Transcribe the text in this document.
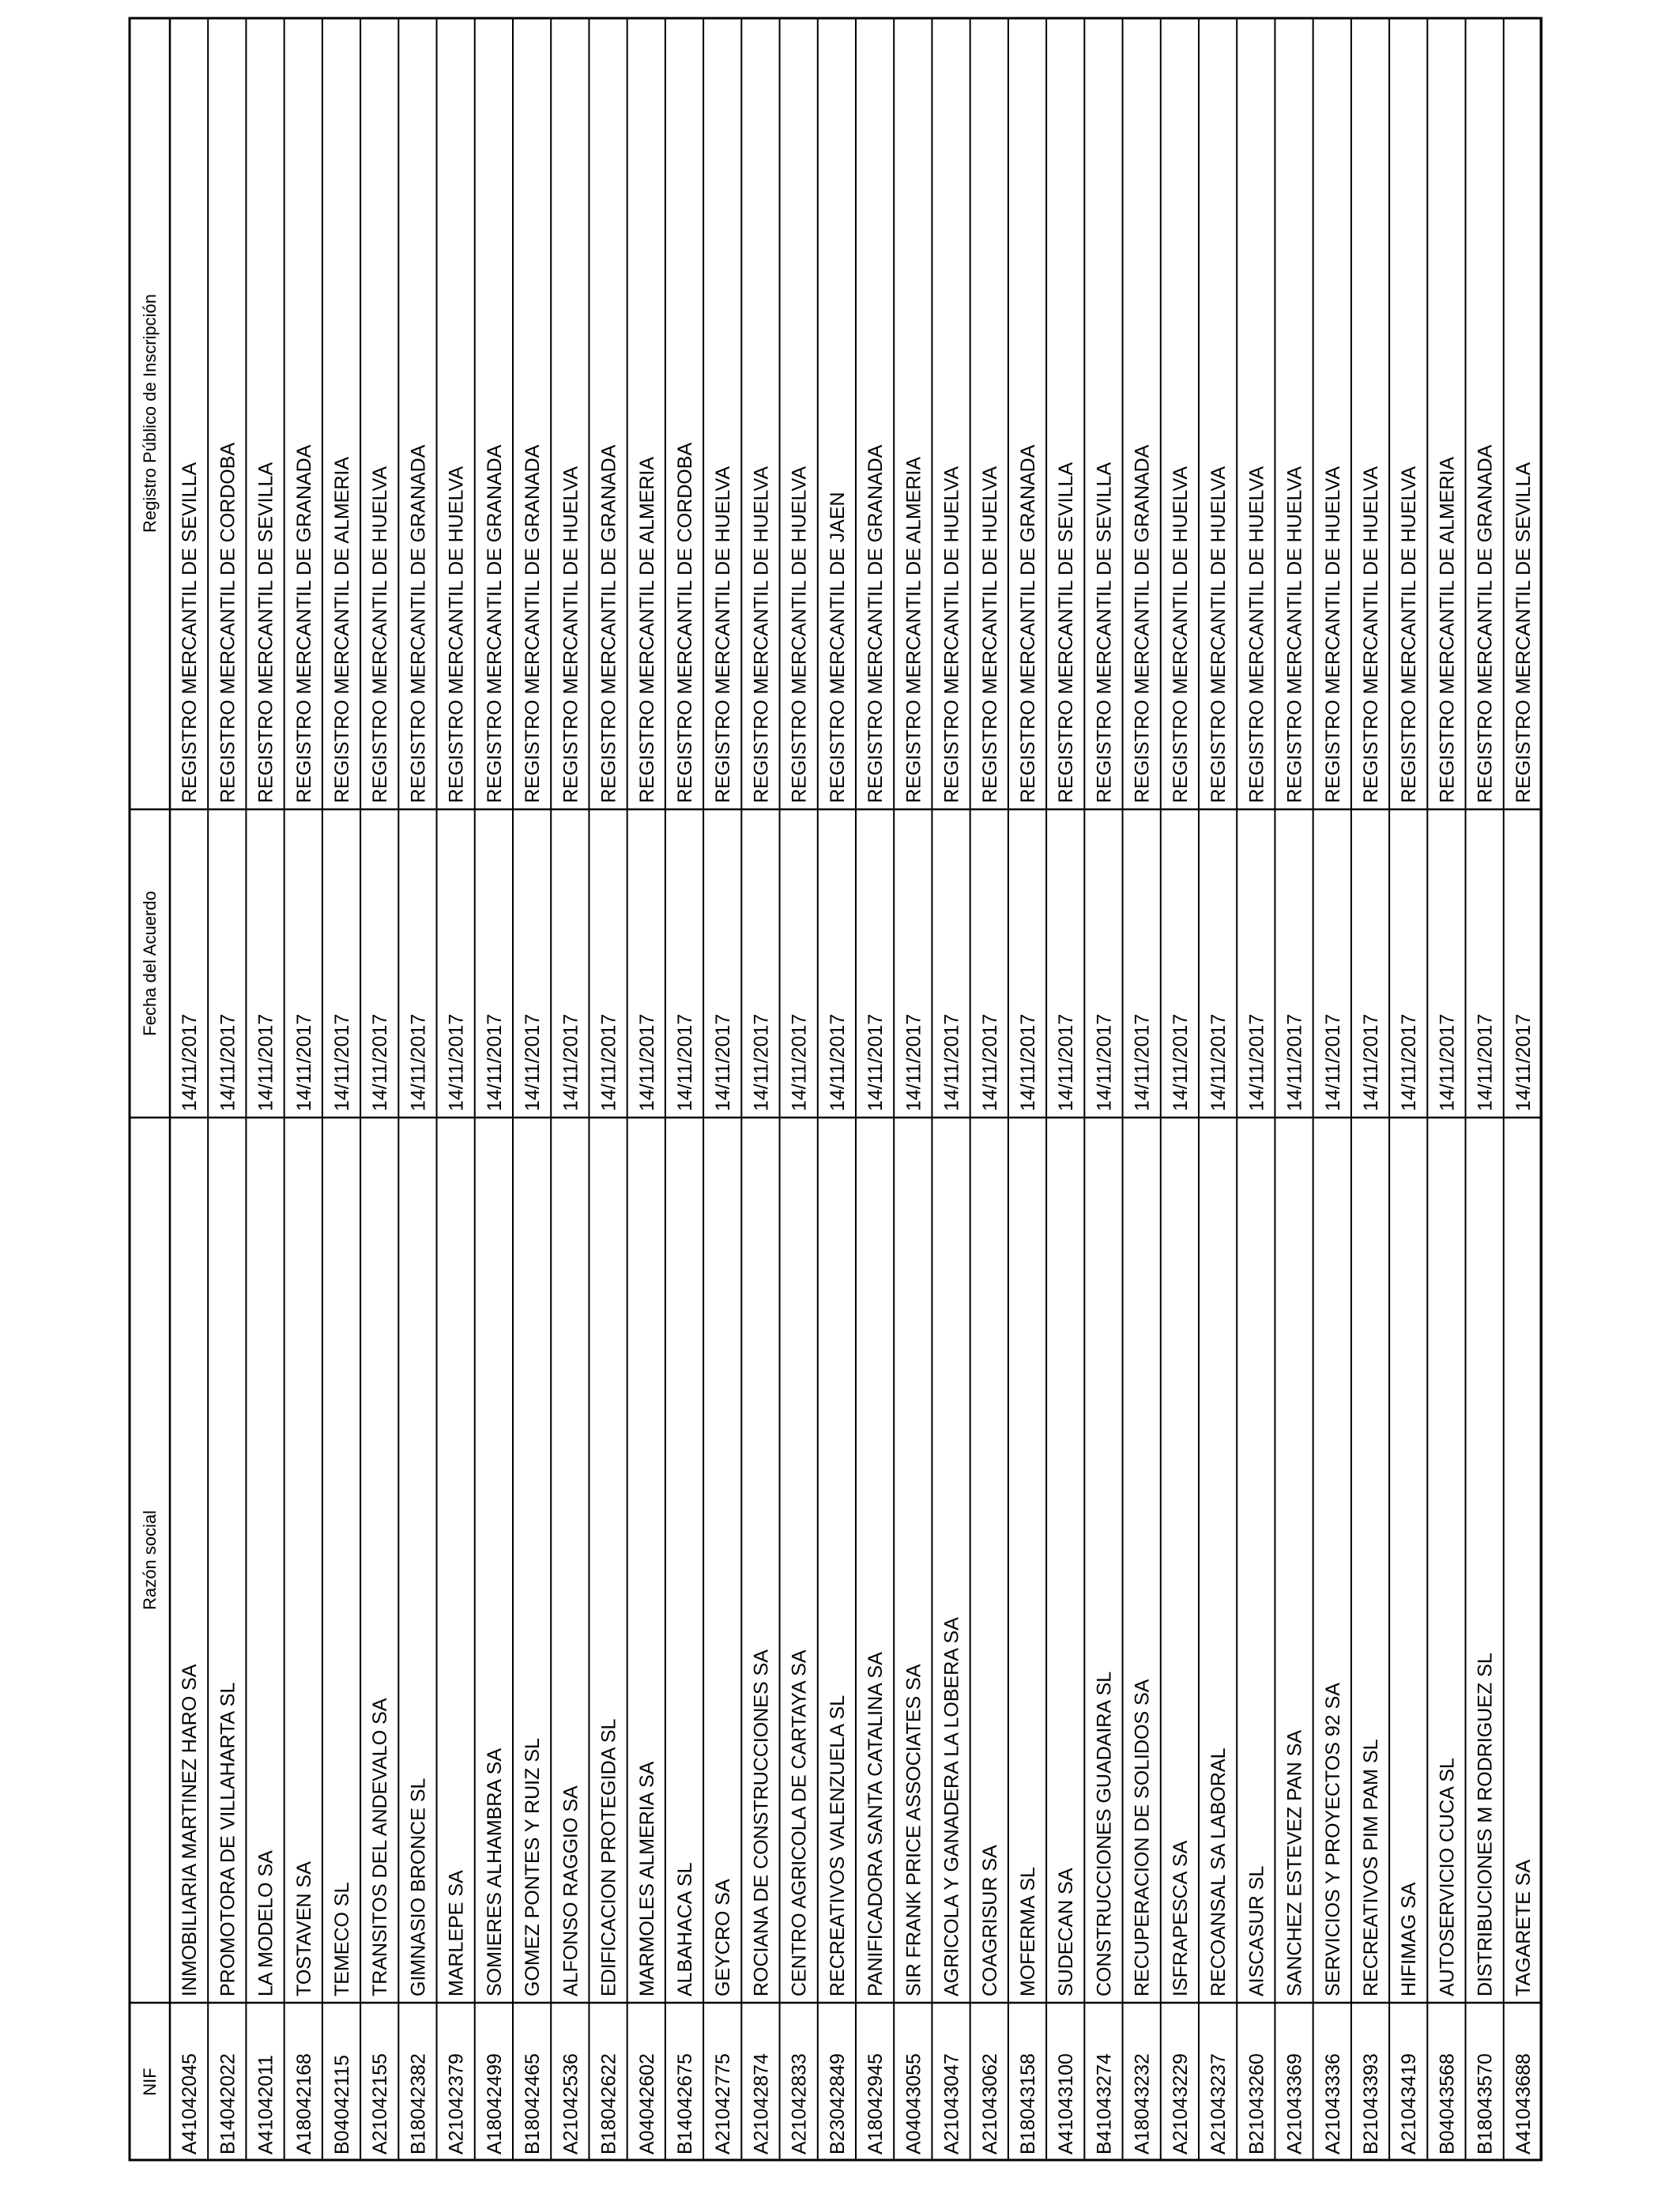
NIF
Razón social
Fecha del Acuerdo
Registro Público de Inscripción
A41042045
INMOBILIARIA MARTINEZ HARO SA
14/11/2017
REGISTRO MERCANTIL DE SEVILLA
B14042022
PROMOTORA DE VILLAHARTA SL
14/11/2017
REGISTRO MERCANTIL DE CORDOBA
A41042011
LA MODELO SA
14/11/2017
REGISTRO MERCANTIL DE SEVILLA
A18042168
TOSTAVEN SA
14/11/2017
REGISTRO MERCANTIL DE GRANADA
B04042115
TEMECO SL
14/11/2017
REGISTRO MERCANTIL DE ALMERIA
A21042155
TRANSITOS DEL ANDEVALO SA
14/11/2017
REGISTRO MERCANTIL DE HUELVA
B18042382
GIMNASIO BRONCE SL
14/11/2017
REGISTRO MERCANTIL DE GRANADA
A21042379
MARLEPE SA
14/11/2017
REGISTRO MERCANTIL DE HUELVA
A18042499
SOMIERES ALHAMBRA SA
14/11/2017
REGISTRO MERCANTIL DE GRANADA
B18042465
GOMEZ PONTES Y RUIZ SL
14/11/2017
REGISTRO MERCANTIL DE GRANADA
A21042536
ALFONSO RAGGIO SA
14/11/2017
REGISTRO MERCANTIL DE HUELVA
B18042622
EDIFICACION PROTEGIDA SL
14/11/2017
REGISTRO MERCANTIL DE GRANADA
A04042602
MARMOLES ALMERIA SA
14/11/2017
REGISTRO MERCANTIL DE ALMERIA
B14042675
ALBAHACA SL
14/11/2017
REGISTRO MERCANTIL DE CORDOBA
A21042775
GEYCRO SA
14/11/2017
REGISTRO MERCANTIL DE HUELVA
A21042874
ROCIANA DE CONSTRUCCIONES SA
14/11/2017
REGISTRO MERCANTIL DE HUELVA
A21042833
CENTRO AGRICOLA DE CARTAYA SA
14/11/2017
REGISTRO MERCANTIL DE HUELVA
B23042849
RECREATIVOS VALENZUELA SL
14/11/2017
REGISTRO MERCANTIL DE JAEN
A18042945
PANIFICADORA SANTA CATALINA SA
14/11/2017
REGISTRO MERCANTIL DE GRANADA
A04043055
SIR FRANK PRICE ASSOCIATES SA
14/11/2017
REGISTRO MERCANTIL DE ALMERIA
A21043047
AGRICOLA Y GANADERA LA LOBERA SA
14/11/2017
REGISTRO MERCANTIL DE HUELVA
A21043062
COAGRISUR SA
14/11/2017
REGISTRO MERCANTIL DE HUELVA
B18043158
MOFERMA SL
14/11/2017
REGISTRO MERCANTIL DE GRANADA
A41043100
SUDECAN SA
14/11/2017
REGISTRO MERCANTIL DE SEVILLA
B41043274
CONSTRUCCIONES GUADAIRA SL
14/11/2017
REGISTRO MERCANTIL DE SEVILLA
A18043232
RECUPERACION DE SOLIDOS SA
14/11/2017
REGISTRO MERCANTIL DE GRANADA
A21043229
ISFRAPESCA SA
14/11/2017
REGISTRO MERCANTIL DE HUELVA
A21043237
RECOANSAL SA LABORAL
14/11/2017
REGISTRO MERCANTIL DE HUELVA
B21043260
AISCASUR SL
14/11/2017
REGISTRO MERCANTIL DE HUELVA
A21043369
SANCHEZ ESTEVEZ PAN SA
14/11/2017
REGISTRO MERCANTIL DE HUELVA
A21043336
SERVICIOS Y PROYECTOS 92 SA
14/11/2017
REGISTRO MERCANTIL DE HUELVA
B21043393
RECREATIVOS PIM PAM SL
14/11/2017
REGISTRO MERCANTIL DE HUELVA
A21043419
HIFIMAG SA
14/11/2017
REGISTRO MERCANTIL DE HUELVA
B04043568
AUTOSERVICIO CUCA SL
14/11/2017
REGISTRO MERCANTIL DE ALMERIA
B18043570
DISTRIBUCIONES M RODRIGUEZ SL
14/11/2017
REGISTRO MERCANTIL DE GRANADA
A41043688
TAGARETE SA
14/11/2017
REGISTRO MERCANTIL DE SEVILLA
